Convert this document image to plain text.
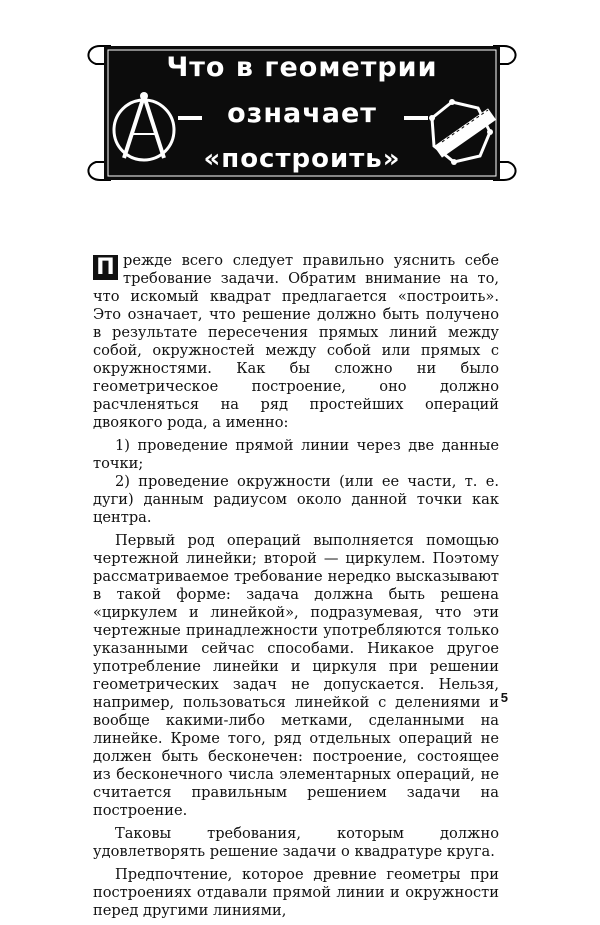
Что в геометрии
означает
«построить»

П режде всего следует правильно уяснить себе требование задачи. Обратим внимание на то, что искомый квадрат предлагается «построить». Это означает, что решение должно быть получено в результате пересечения прямых линий между собой, окружностей между собой или прямых с окружностями. Как бы сложно ни было геометрическое построение, оно должно расчленяться на ряд простейших операций двоякого рода, а именно:

1) проведение прямой линии через две данные точки;

2) проведение окружности (или ее части, т. е. дуги) данным радиусом около данной точки как центра.

Первый род операций выполняется помощью чертежной линейки; второй — циркулем. Поэтому рассматриваемое требование нередко высказывают в такой форме: задача должна быть решена «циркулем и линейкой», подразумевая, что эти чертежные принадлежности употребляются только указанными сейчас способами. Никакое другое употребление линейки и циркуля при решении геометрических задач не допускается. Нельзя, например, пользоваться линейкой с делениями и вообще какими-либо метками, сделанными на линейке. Кроме того, ряд отдельных операций не должен быть бесконечен: построение, состоящее из бесконечного числа элементарных операций, не считается правильным решением задачи на построение.

Таковы требования, которым должно удовлетворять решение задачи о квадратуре круга.

Предпочтение, которое древние геометры при построениях отдавали прямой линии и окружности перед другими линиями,

5
